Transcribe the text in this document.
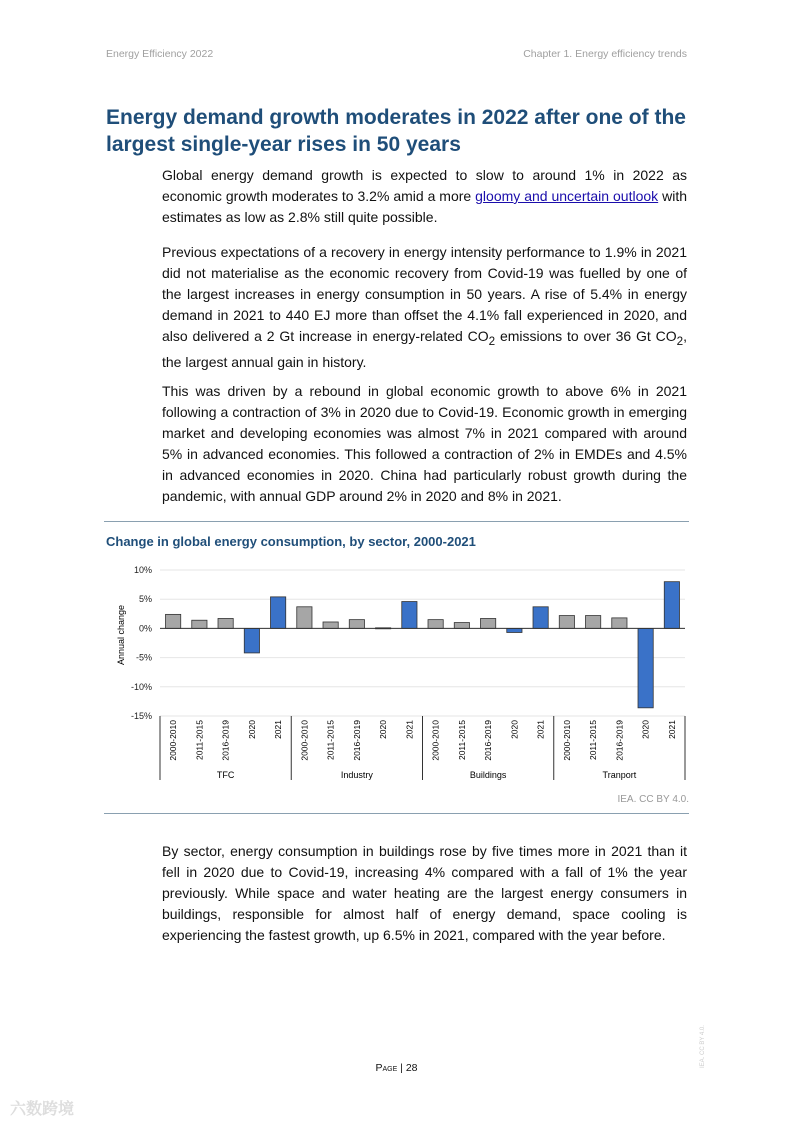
Energy Efficiency 2022	Chapter 1. Energy efficiency trends
Energy demand growth moderates in 2022 after one of the largest single-year rises in 50 years

Global energy demand growth is expected to slow to around 1% in 2022 as economic growth moderates to 3.2% amid a more gloomy and uncertain outlook with estimates as low as 2.8% still quite possible.

Previous expectations of a recovery in energy intensity performance to 1.9% in 2021 did not materialise as the economic recovery from Covid-19 was fuelled by one of the largest increases in energy consumption in 50 years. A rise of 5.4% in energy demand in 2021 to 440 EJ more than offset the 4.1% fall experienced in 2020, and also delivered a 2 Gt increase in energy-related $CO_2$ emissions to over 36 Gt $CO_2$, the largest annual gain in history.

This was driven by a rebound in global economic growth to above 6% in 2021 following a contraction of 3% in 2020 due to Covid-19. Economic growth in emerging market and developing economies was almost 7% in 2021 compared with around 5% in advanced economies. This followed a contraction of 2% in EMDEs and 4.5% in advanced economies in 2020. China had particularly robust growth during the pandemic, with annual GDP around 2% in 2020 and 8% in 2021.

Change in global energy consumption, by sector, 2000-2021
10%
5%
0%
-5%
-10%
-15%
Annual change
2000-2010 2011-2015 2016-2019 2020 2021
TFC
2000-2010 2011-2015 2016-2019 2020 2021
Industry
2000-2010 2011-2015 2016-2019 2020 2021
Buildings
2000-2010 2011-2015 2016-2019 2020 2021
Tranport
IEA. CC BY 4.0.

By sector, energy consumption in buildings rose by five times more in 2021 than it fell in 2020 due to Covid-19, increasing 4% compared with a fall of 1% the year previously. While space and water heating are the largest energy consumers in buildings, responsible for almost half of energy demand, space cooling is experiencing the fastest growth, up 6.5% in 2021, compared with the year before.

Page | 28	IEA. CC BY 4.0.
六数跨境
